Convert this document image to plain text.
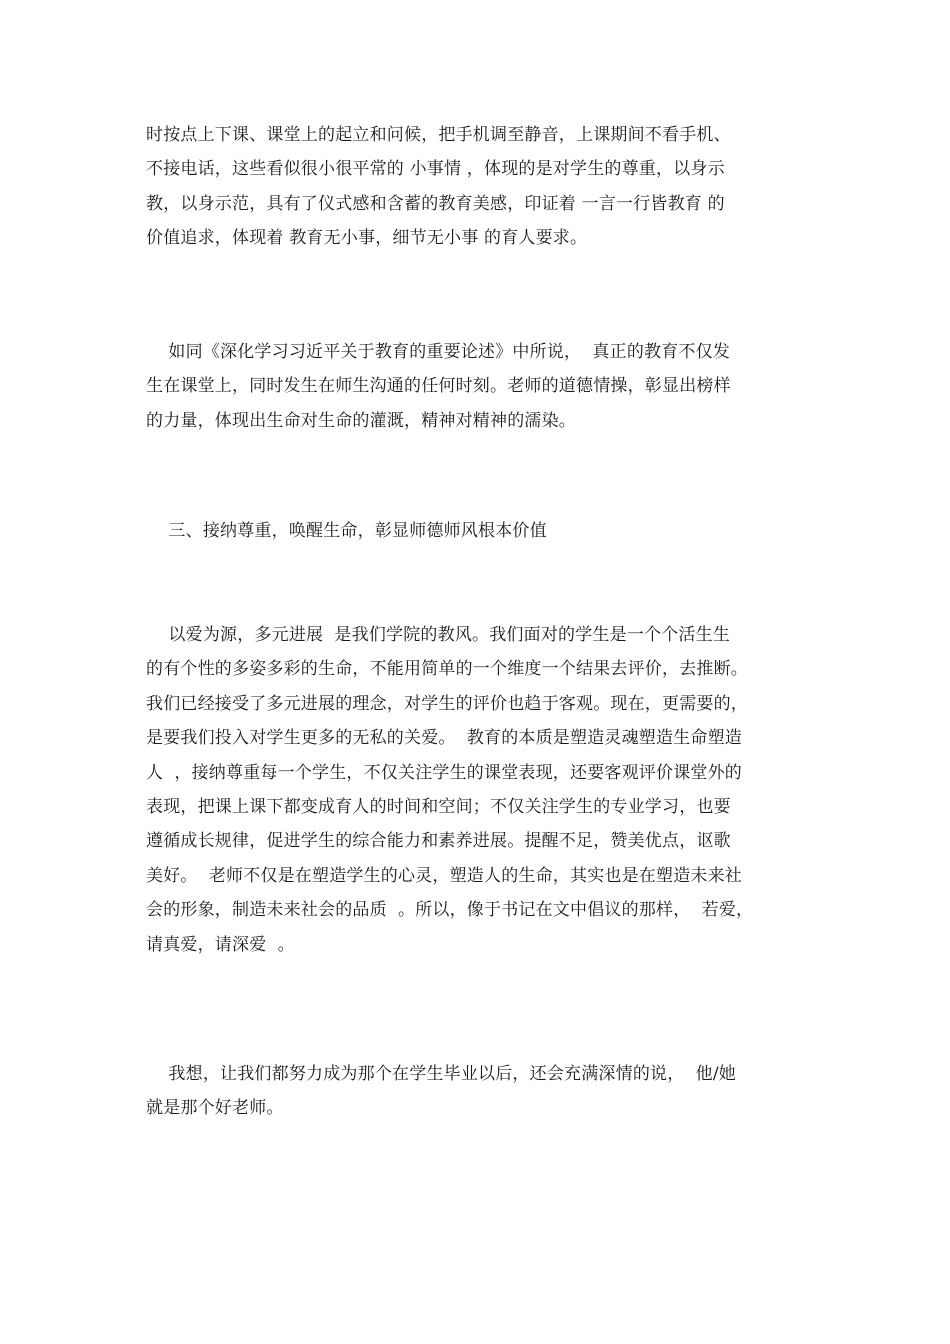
时按点上下课、课堂上的起立和问候，把手机调至静音，上课期间不看手机、
不接电话，这些看似很小很平常的 小事情 ，体现的是对学生的尊重，以身示
教，以身示范，具有了仪式感和含蓄的教育美感，印证着 一言一行皆教育 的
价值追求，体现着 教育无小事，细节无小事 的育人要求。

如同《深化学习习近平关于教育的重要论述》中所说，  真正的教育不仅发
生在课堂上，同时发生在师生沟通的任何时刻。老师的道德情操，彰显出榜样
的力量，体现出生命对生命的灌溉，精神对精神的濡染。

三、接纳尊重，唤醒生命，彰显师德师风根本价值

以爱为源，多元进展  是我们学院的教风。我们面对的学生是一个个活生生
的有个性的多姿多彩的生命，不能用简单的一个维度一个结果去评价，去推断。
我们已经接受了多元进展的理念，对学生的评价也趋于客观。现在，更需要的，
是要我们投入对学生更多的无私的关爱。  教育的本质是塑造灵魂塑造生命塑造
人  ，接纳尊重每一个学生，不仅关注学生的课堂表现，还要客观评价课堂外的
表现，把课上课下都变成育人的时间和空间；不仅关注学生的专业学习，也要
遵循成长规律，促进学生的综合能力和素养进展。提醒不足，赞美优点，讴歌
美好。  老师不仅是在塑造学生的心灵，塑造人的生命，其实也是在塑造未来社
会的形象，制造未来社会的品质  。所以，像于书记在文中倡议的那样，  若爱，
请真爱，请深爱  。

我想，让我们都努力成为那个在学生毕业以后，还会充满深情的说，  他/她
就是那个好老师。
